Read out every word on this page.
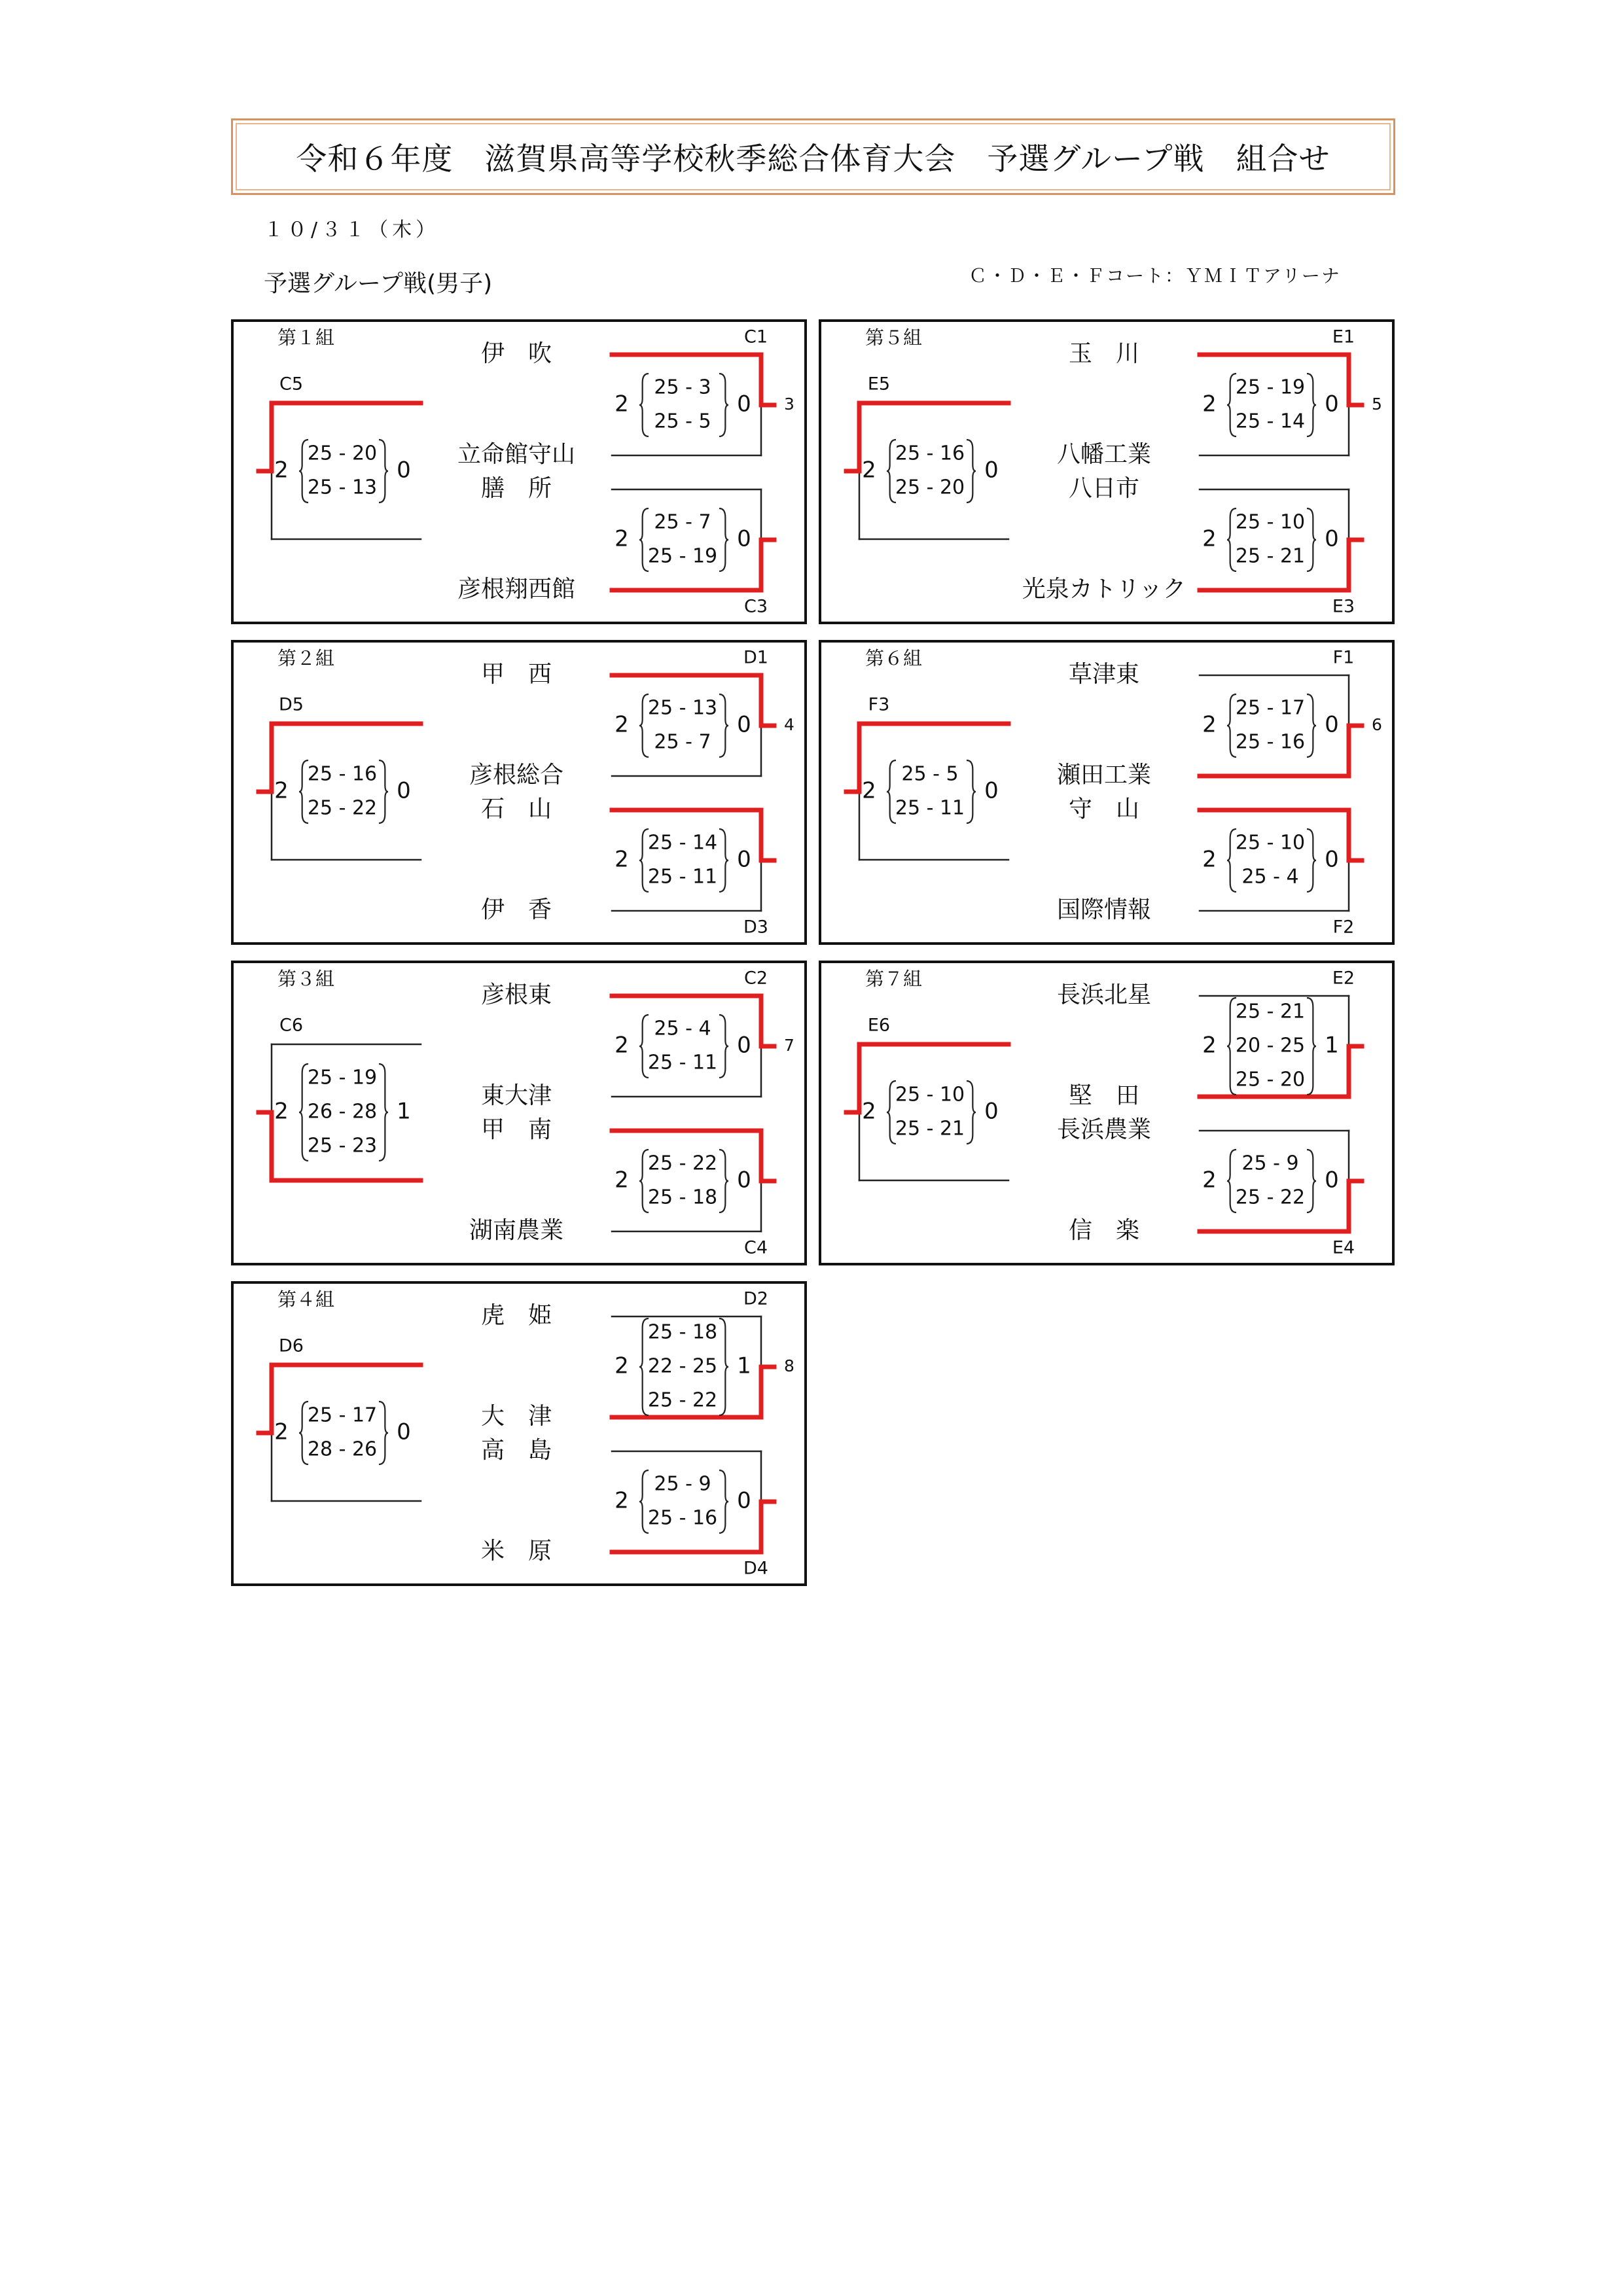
令和６年度　滋賀県高等学校秋季総合体育大会　予選グループ戦　組合せ
１０/３１（木）
予選グループ戦(男子)	Ｃ・Ｄ・Ｅ・Ｆコート：ＹＭＩＴアリーナ
第１組
伊　吹
立命館守山
膳　所
彦根翔西館
2
25 - 3
25 - 5
0
C1
3
2
25 - 7
25 - 19
0
C3
C5
2
25 - 20
25 - 13
0
第５組
玉　川
八幡工業
八日市
光泉カトリック
2
25 - 19
25 - 14
0
E1
5
2
25 - 10
25 - 21
0
E3
E5
2
25 - 16
25 - 20
0
第２組
甲　西
彦根総合
石　山
伊　香
2
25 - 13
25 - 7
0
D1
4
2
25 - 14
25 - 11
0
D3
D5
2
25 - 16
25 - 22
0
第６組
草津東
瀬田工業
守　山
国際情報
2
25 - 17
25 - 16
0
F1
6
2
25 - 10
25 - 4
0
F2
F3
2
25 - 5
25 - 11
0
第３組
彦根東
東大津
甲　南
湖南農業
2
25 - 4
25 - 11
0
C2
7
2
25 - 22
25 - 18
0
C4
C6
2
25 - 19
26 - 28
25 - 23
1
第７組
長浜北星
堅　田
長浜農業
信　楽
2
25 - 21
20 - 25
25 - 20
1
E2
2
25 - 9
25 - 22
0
E4
E6
2
25 - 10
25 - 21
0
第４組
虎　姫
大　津
高　島
米　原
2
25 - 18
22 - 25
25 - 22
1
D2
8
2
25 - 9
25 - 16
0
D4
D6
2
25 - 17
28 - 26
0
